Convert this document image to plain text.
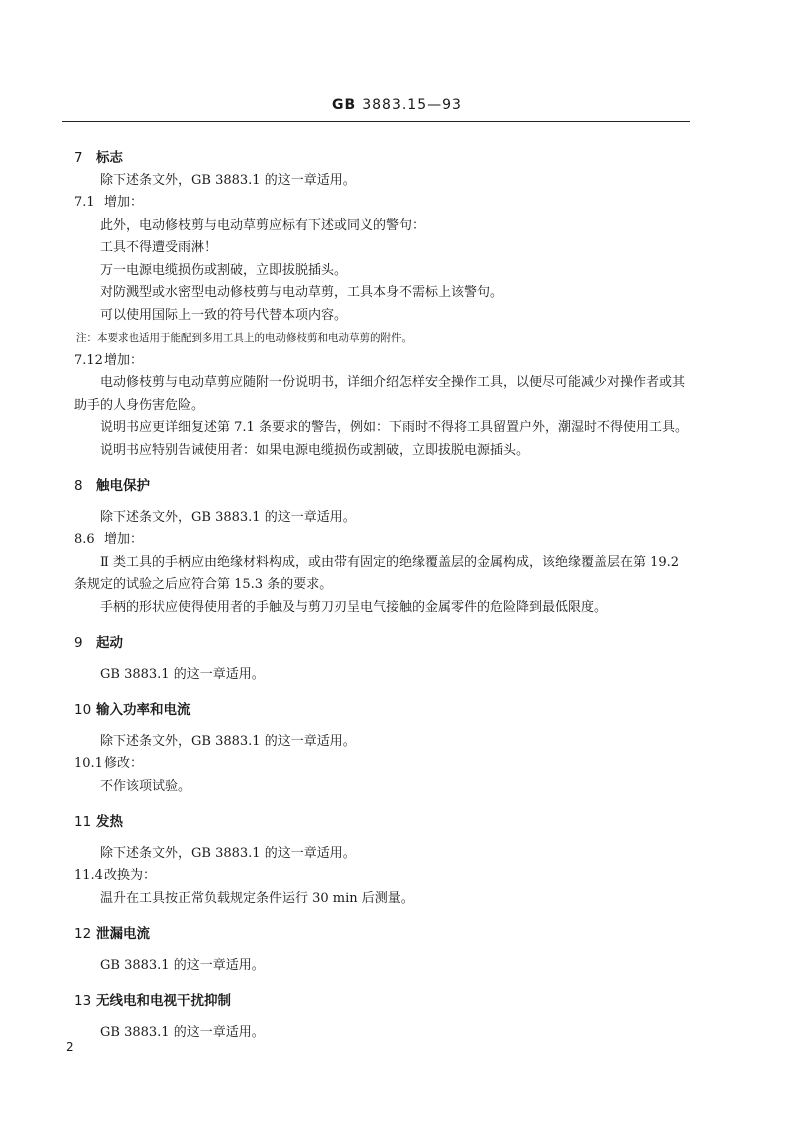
GB 3883.15—93
7 标志
除下述条文外，GB 3883.1 的这一章适用。
7.1 增加：
此外，电动修枝剪与电动草剪应标有下述或同义的警句：
工具不得遭受雨淋！
万一电源电缆损伤或割破，立即拔脱插头。
对防溅型或水密型电动修枝剪与电动草剪，工具本身不需标上该警句。
可以使用国际上一致的符号代替本项内容。
注：本要求也适用于能配到多用工具上的电动修枝剪和电动草剪的附件。
7.12增加：
电动修枝剪与电动草剪应随附一份说明书，详细介绍怎样安全操作工具，以便尽可能减少对操作者或其助手的人身伤害危险。
说明书应更详细复述第 7.1 条要求的警告，例如：下雨时不得将工具留置户外，潮湿时不得使用工具。
说明书应特别告诫使用者：如果电源电缆损伤或割破，立即拔脱电源插头。
8 触电保护
除下述条文外，GB 3883.1 的这一章适用。
8.6 增加：
Ⅱ 类工具的手柄应由绝缘材料构成，或由带有固定的绝缘覆盖层的金属构成，该绝缘覆盖层在第 19.2条规定的试验之后应符合第 15.3 条的要求。
手柄的形状应使得使用者的手触及与剪刀刃呈电气接触的金属零件的危险降到最低限度。
9 起动
GB 3883.1 的这一章适用。
10 输入功率和电流
除下述条文外，GB 3883.1 的这一章适用。
10.1修改：
不作该项试验。
11 发热
除下述条文外，GB 3883.1 的这一章适用。
11.4改换为：
温升在工具按正常负载规定条件运行 30 min 后测量。
12 泄漏电流
GB 3883.1 的这一章适用。
13 无线电和电视干扰抑制
GB 3883.1 的这一章适用。
2
